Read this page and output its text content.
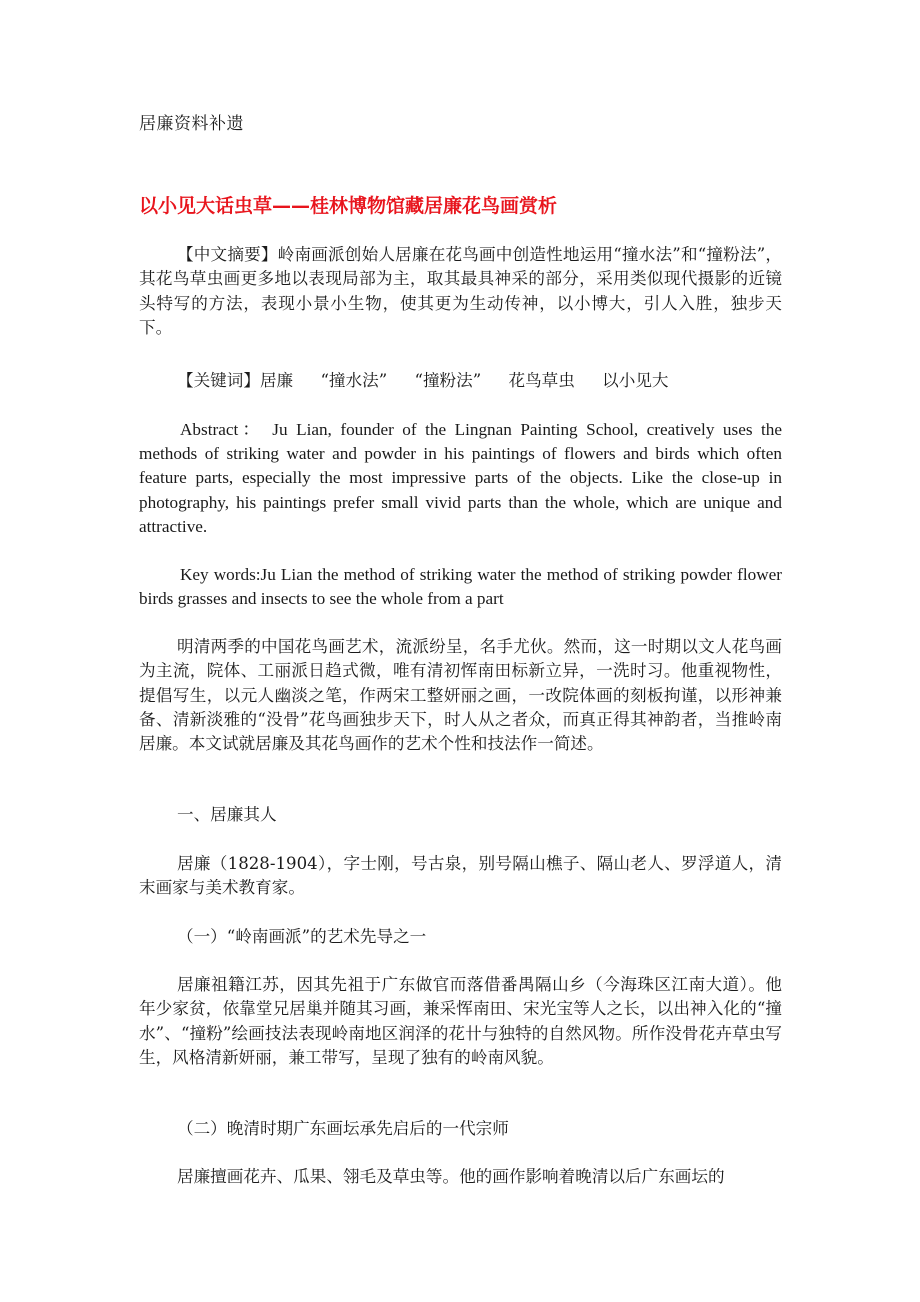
居廉资料补遗
以小见大话虫草——桂林博物馆藏居廉花鸟画赏析
【中文摘要】岭南画派创始人居廉在花鸟画中创造性地运用“撞水法”和“撞粉法”，其花鸟草虫画更多地以表现局部为主，取其最具神采的部分，采用类似现代摄影的近镜头特写的方法，表现小景小生物，使其更为生动传神，以小博大，引人入胜，独步天下。
【关键词】居廉 “撞水法” “撞粉法” 花鸟草虫 以小见大
Abstract： Ju Lian, founder of the Lingnan Painting School, creatively uses the methods of striking water and powder in his paintings of flowers and birds which often feature parts, especially the most impressive parts of the objects. Like the close-up in photography, his paintings prefer small vivid parts than the whole, which are unique and attractive.
Key words:Ju Lian the method of striking water the method of striking powder flower birds grasses and insects to see the whole from a part
明清两季的中国花鸟画艺术，流派纷呈，名手尤伙。然而，这一时期以文人花鸟画为主流，院体、工丽派日趋式微，唯有清初恽南田标新立异，一洗时习。他重视物性，提倡写生，以元人幽淡之笔，作两宋工整妍丽之画，一改院体画的刻板拘谨，以形神兼备、清新淡雅的“没骨”花鸟画独步天下，时人从之者众，而真正得其神韵者，当推岭南居廉。本文试就居廉及其花鸟画作的艺术个性和技法作一简述。
一、居廉其人
居廉（1828-1904），字士刚，号古泉，别号隔山樵子、隔山老人、罗浮道人，清末画家与美术教育家。
（一）“岭南画派”的艺术先导之一
居廉祖籍江苏，因其先祖于广东做官而落借番禺隔山乡（今海珠区江南大道）。他年少家贫，依靠堂兄居巢并随其习画，兼采恽南田、宋光宝等人之长，以出神入化的“撞水”、“撞粉”绘画技法表现岭南地区润泽的花卄与独特的自然风物。所作没骨花卉草虫写生，风格清新妍丽，兼工带写，呈现了独有的岭南风貌。
（二）晚清时期广东画坛承先启后的一代宗师
居廉擅画花卉、瓜果、翎毛及草虫等。他的画作影响着晚清以后广东画坛的
